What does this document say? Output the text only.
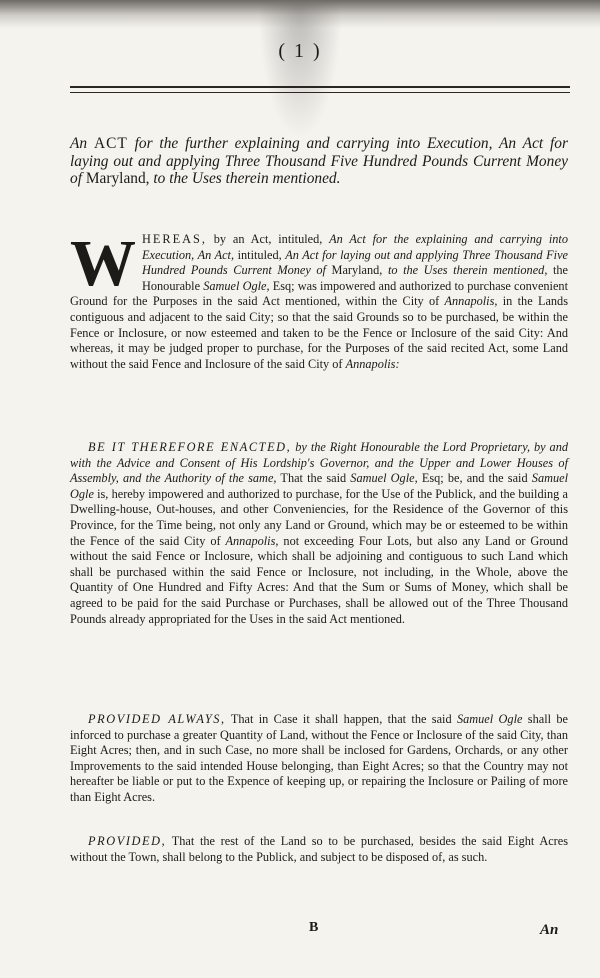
( 1 )
An ACT for the further explaining and carrying into Execution, An Act for laying out and applying Three Thousand Five Hundred Pounds Current Money of Maryland, to the Uses therein mentioned.
WHEREAS, by an Act, intituled, An Act for the explaining and carrying into Execution, An Act, intituled, An Act for laying out and applying Three Thousand Five Hundred Pounds Current Money of Maryland, to the Uses therein mentioned, the Honourable Samuel Ogle, Esq; was impowered and authorized to purchase convenient Ground for the Purposes in the said Act mentioned, within the City of Annapolis, in the Lands contiguous and adjacent to the said City; so that the said Grounds so to be purchased, be within the Fence or Inclosure, or now esteemed and taken to be the Fence or Inclosure of the said City: And whereas, it may be judged proper to purchase, for the Purposes of the said recited Act, some Land without the said Fence and Inclosure of the said City of Annapolis:
BE IT THEREFORE ENACTED, by the Right Honourable the Lord Proprietary, by and with the Advice and Consent of His Lordship's Governor, and the Upper and Lower Houses of Assembly, and the Authority of the same, That the said Samuel Ogle, Esq; be, and the said Samuel Ogle is, hereby impowered and authorized to purchase, for the Use of the Publick, and the building a Dwelling-house, Out-houses, and other Conveniencies, for the Residence of the Governor of this Province, for the Time being, not only any Land or Ground, which may be or esteemed to be within the Fence of the said City of Annapolis, not exceeding Four Lots, but also any Land or Ground without the said Fence or Inclosure, which shall be adjoining and contiguous to such Land which shall be purchased within the said Fence or Inclosure, not including, in the Whole, above the Quantity of One Hundred and Fifty Acres: And that the Sum or Sums of Money, which shall be agreed to be paid for the said Purchase or Purchases, shall be allowed out of the Three Thousand Pounds already appropriated for the Uses in the said Act mentioned.
PROVIDED ALWAYS, That in Case it shall happen, that the said Samuel Ogle shall be inforced to purchase a greater Quantity of Land, without the Fence or Inclosure of the said City, than Eight Acres; then, and in such Case, no more shall be inclosed for Gardens, Orchards, or any other Improvements to the said intended House belonging, than Eight Acres; so that the Country may not hereafter be liable or put to the Expence of keeping up, or repairing the Inclosure or Pailing of more than Eight Acres.
PROVIDED, That the rest of the Land so to be purchased, besides the said Eight Acres without the Town, shall belong to the Publick, and subject to be disposed of, as such.
B	An
